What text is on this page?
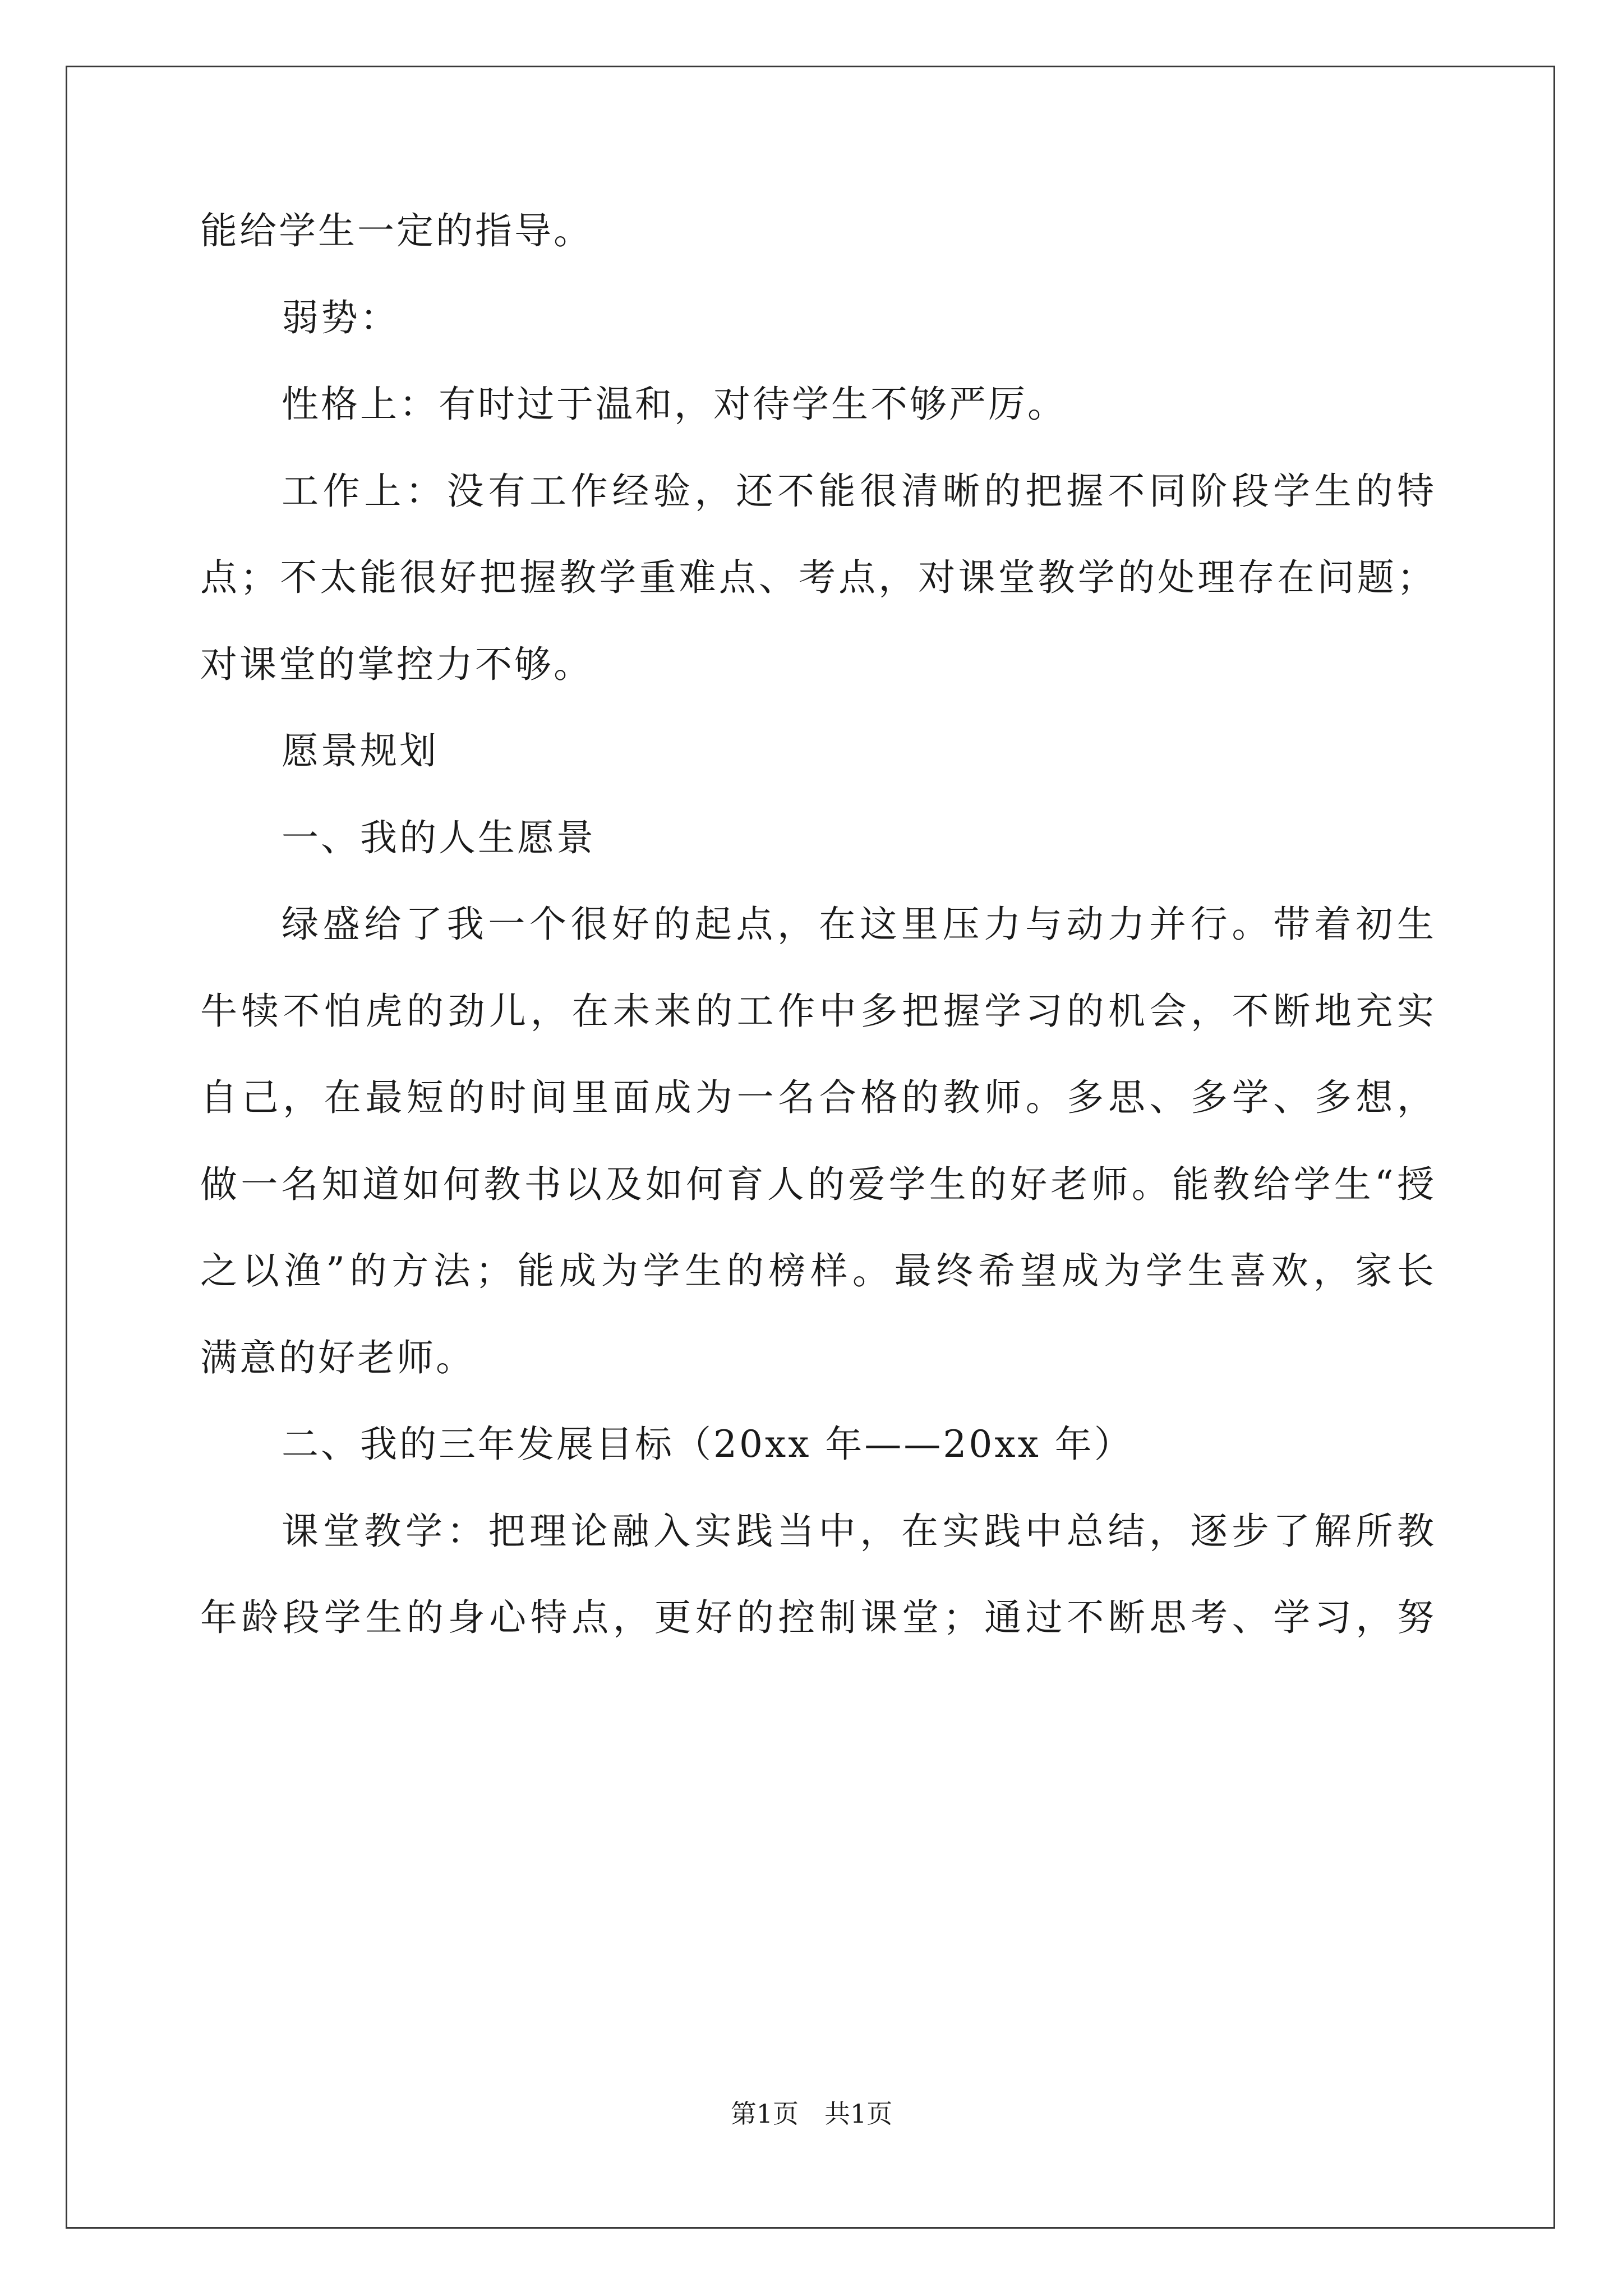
能给学生一定的指导。
弱势：
性格上：有时过于温和，对待学生不够严厉。
工作上：没有工作经验，还不能很清晰的把握不同阶段学生的特
点；不太能很好把握教学重难点、考点，对课堂教学的处理存在问题；
对课堂的掌控力不够。
愿景规划
一、我的人生愿景
绿盛给了我一个很好的起点，在这里压力与动力并行。带着初生
牛犊不怕虎的劲儿，在未来的工作中多把握学习的机会，不断地充实
自己，在最短的时间里面成为一名合格的教师。多思、多学、多想，
做一名知道如何教书以及如何育人的爱学生的好老师。能教给学生“授
之以渔”的方法；能成为学生的榜样。最终希望成为学生喜欢，家长
满意的好老师。
二、我的三年发展目标（20xx 年——20xx 年）
课堂教学：把理论融入实践当中，在实践中总结，逐步了解所教
年龄段学生的身心特点，更好的控制课堂；通过不断思考、学习，努
第1页 共1页
